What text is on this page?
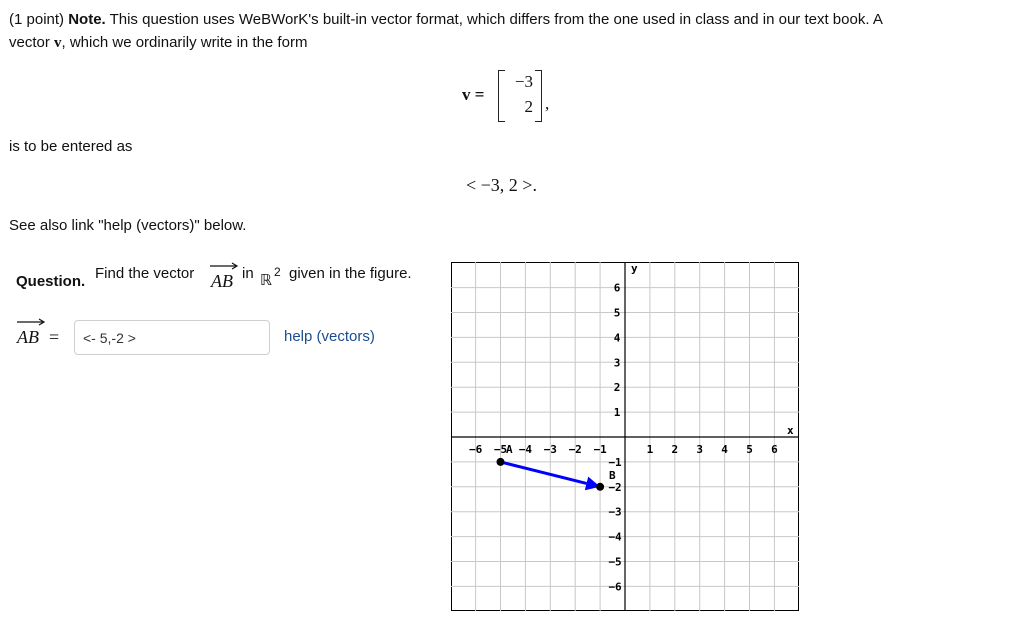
(1 point) Note. This question uses WeBWorK's built-in vector format, which differs from the one used in class and in our text book. A
vector v, which we ordinarily write in the form
v =
−3
2 ,
is to be entered as
< −3, 2 >.
See also link "help (vectors)" below.
Question. Find the vector AB in ℝ 2 given in the figure.
AB =
<- 5,-2 >	help (vectors)
−6 −5 −4 −3 −2 −1	1 2 3 4 5 6
6
5
4
3
2
1
−1
−2
−3
−4
−5
−6
x
y
A
B
